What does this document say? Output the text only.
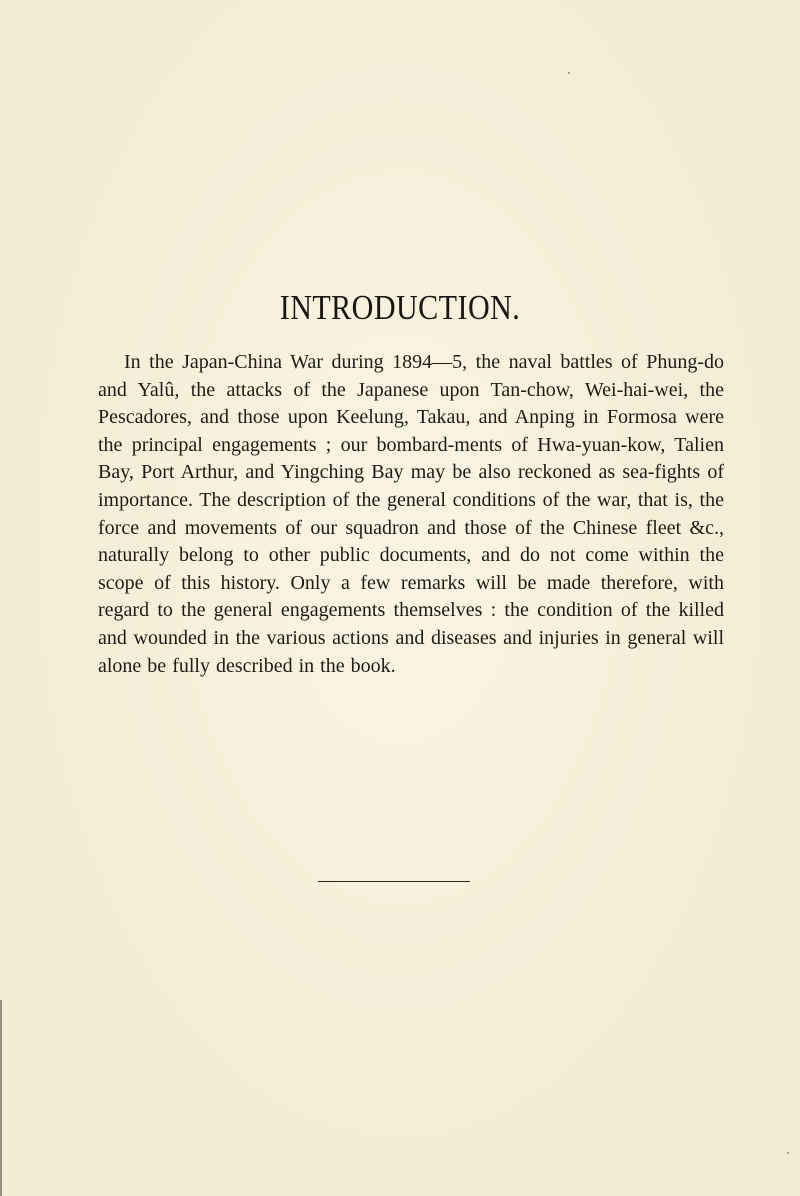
INTRODUCTION.

In the Japan-China War during 1894—5, the naval battles of Phung-do and Yalû, the attacks of the Japanese upon Tan-chow, Wei-hai-wei, the Pescadores, and those upon Keelung, Takau, and Anping in Formosa were the principal engagements ; our bombard-ments of Hwa-yuan-kow, Talien Bay, Port Arthur, and Yingching Bay may be also reckoned as sea-fights of importance. The description of the general conditions of the war, that is, the force and movements of our squadron and those of the Chinese fleet &c., naturally belong to other public documents, and do not come within the scope of this history. Only a few remarks will be made therefore, with regard to the general engagements themselves : the condition of the killed and wounded in the various actions and diseases and injuries in general will alone be fully described in the book.
